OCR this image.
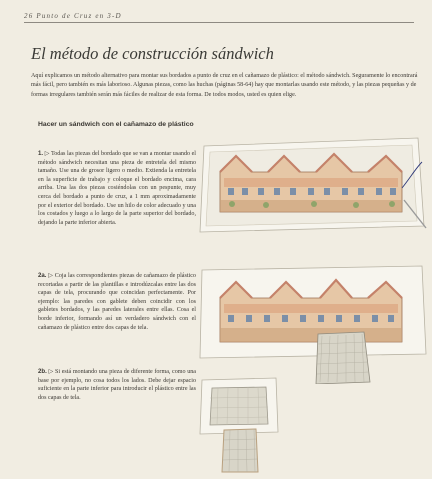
26 Punto de Cruz en 3-D
El método de construcción sándwich

Aquí explicamos un método alternativo para montar sus bordados a punto de cruz en el cañamazo de plástico: el método sándwich. Seguramente lo encontrará más fácil, pero también es más laborioso. Algunas piezas, como las huchas (páginas 58-64) hay que montarlas usando este método, y las piezas pequeñas y de formas irregulares también serán más fáciles de realizar de esta forma. De todos modos, usted es quien elige.

Hacer un sándwich con el cañamazo de plástico

1. ▷ Todas las piezas del bordado que se van a montar usando el método sándwich necesitan una pieza de entretela del mismo tamaño. Use una de grosor ligero o medio. Extienda la entretela en la superficie de trabajo y coloque el bordado encima, cara arriba. Una las dos piezas cosiéndolas con un pespunte, muy cerca del bordado a punto de cruz, a 1 mm aproximadamente por el exterior del bordado. Use un hilo de color adecuado y una los costados y luego a lo largo de la parte superior del bordado, dejando la parte inferior abierta.

2a. ▷ Coja las correspondientes piezas de cañamazo de plástico recortadas a partir de las plantillas e introdúzcalas entre las dos capas de tela, procurando que coincidan perfectamente. Por ejemplo: las paredes con gablete deben coincidir con los gabletes bordados, y las paredes laterales entre ellas. Cosa el borde inferior, formando así un verdadero sándwich con el cañamazo de plástico entre dos capas de tela.

2b. ▷ Si está montando una pieza de diferente forma, como una base por ejemplo, no cosa todos los lados. Debe dejar espacio suficiente en la parte inferior para introducir el plástico entre las dos capas de tela.
